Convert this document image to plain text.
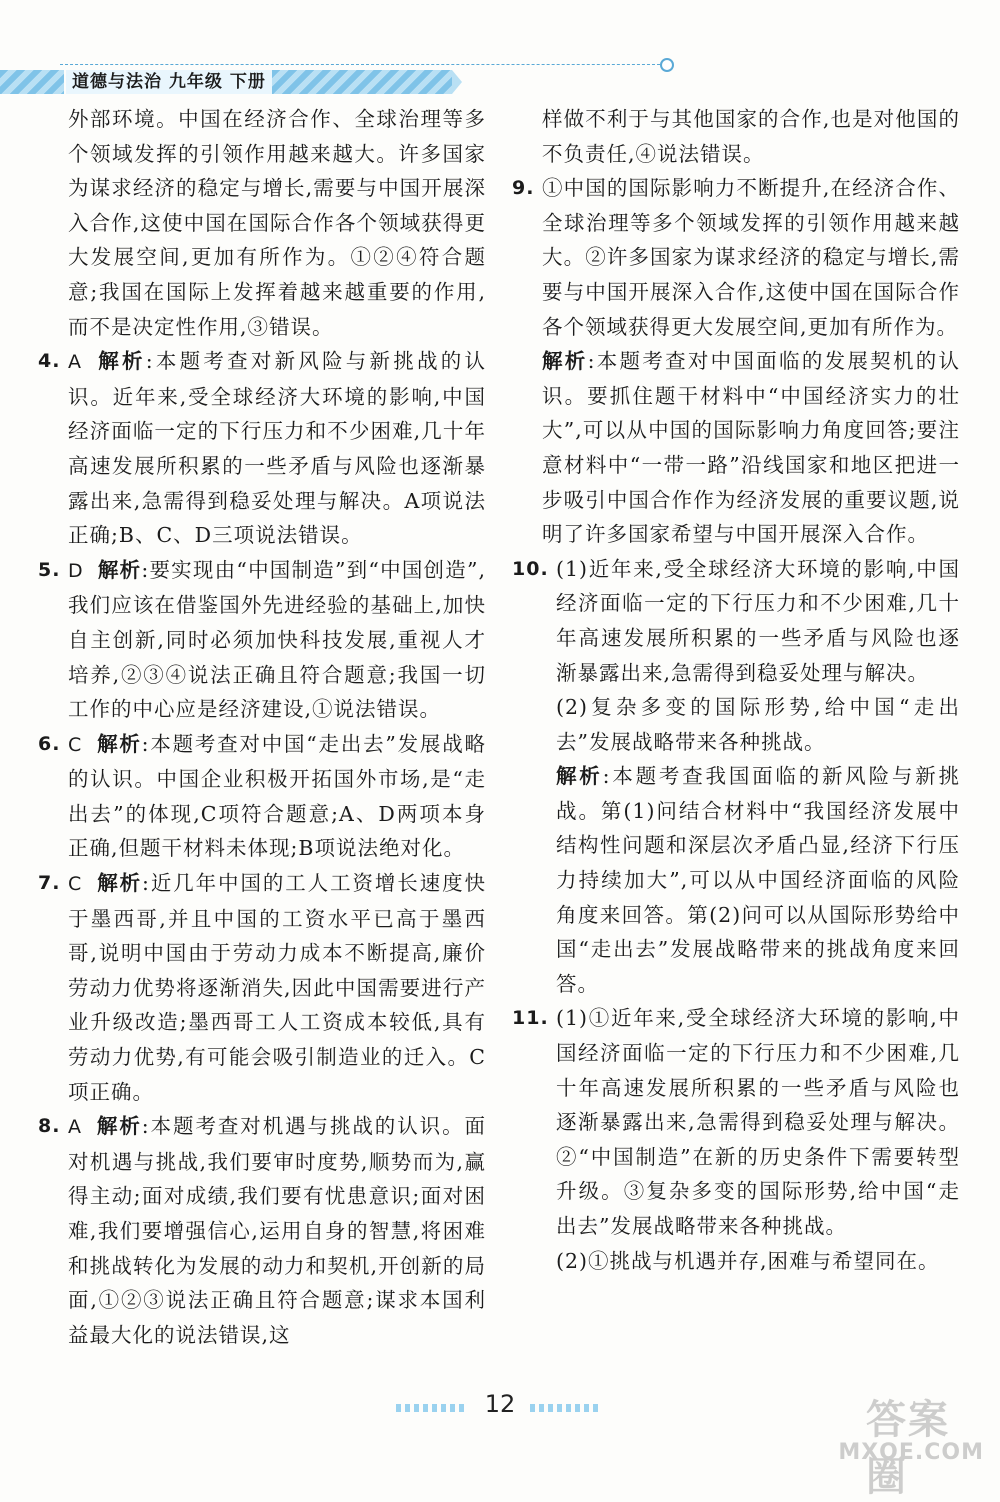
道德与法治 九年级 下册

外部环境。中国在经济合作、全球治理等多个领域发挥的引领作用越来越大。许多国家为谋求经济的稳定与增长,需要与中国开展深入合作,这使中国在国际合作各个领域获得更大发展空间,更加有所作为。①②④符合题意;我国在国际上发挥着越来越重要的作用,而不是决定性作用,③错误。

4. A 解析:本题考查对新风险与新挑战的认识。近年来,受全球经济大环境的影响,中国经济面临一定的下行压力和不少困难,几十年高速发展所积累的一些矛盾与风险也逐渐暴露出来,急需得到稳妥处理与解决。A项说法正确;B、C、D三项说法错误。

5. D 解析:要实现由“中国制造”到“中国创造”,我们应该在借鉴国外先进经验的基础上,加快自主创新,同时必须加快科技发展,重视人才培养,②③④说法正确且符合题意;我国一切工作的中心应是经济建设,①说法错误。

6. C 解析:本题考查对中国“走出去”发展战略的认识。中国企业积极开拓国外市场,是“走出去”的体现,C项符合题意;A、D两项本身正确,但题干材料未体现;B项说法绝对化。

7. C 解析:近几年中国的工人工资增长速度快于墨西哥,并且中国的工资水平已高于墨西哥,说明中国由于劳动力成本不断提高,廉价劳动力优势将逐渐消失,因此中国需要进行产业升级改造;墨西哥工人工资成本较低,具有劳动力优势,有可能会吸引制造业的迁入。C项正确。

8. A 解析:本题考查对机遇与挑战的认识。面对机遇与挑战,我们要审时度势,顺势而为,赢得主动;面对成绩,我们要有忧患意识;面对困难,我们要增强信心,运用自身的智慧,将困难和挑战转化为发展的动力和契机,开创新的局面,①②③说法正确且符合题意;谋求本国利益最大化的说法错误,这

样做不利于与其他国家的合作,也是对他国的不负责任,④说法错误。

9. ①中国的国际影响力不断提升,在经济合作、全球治理等多个领域发挥的引领作用越来越大。②许多国家为谋求经济的稳定与增长,需要与中国开展深入合作,这使中国在国际合作各个领域获得更大发展空间,更加有所作为。

解析:本题考查对中国面临的发展契机的认识。要抓住题干材料中“中国经济实力的壮大”,可以从中国的国际影响力角度回答;要注意材料中“一带一路”沿线国家和地区把进一步吸引中国合作作为经济发展的重要议题,说明了许多国家希望与中国开展深入合作。

10. (1)近年来,受全球经济大环境的影响,中国经济面临一定的下行压力和不少困难,几十年高速发展所积累的一些矛盾与风险也逐渐暴露出来,急需得到稳妥处理与解决。

(2)复杂多变的国际形势,给中国“走出去”发展战略带来各种挑战。

解析:本题考查我国面临的新风险与新挑战。第(1)问结合材料中“我国经济发展中结构性问题和深层次矛盾凸显,经济下行压力持续加大”,可以从中国经济面临的风险角度来回答。第(2)问可以从国际形势给中国“走出去”发展战略带来的挑战角度来回答。

11. (1)①近年来,受全球经济大环境的影响,中国经济面临一定的下行压力和不少困难,几十年高速发展所积累的一些矛盾与风险也逐渐暴露出来,急需得到稳妥处理与解决。②“中国制造”在新的历史条件下需要转型升级。③复杂多变的国际形势,给中国“走出去”发展战略带来各种挑战。

(2)①挑战与机遇并存,困难与希望同在。

12	答案圈
MXQE.COM
